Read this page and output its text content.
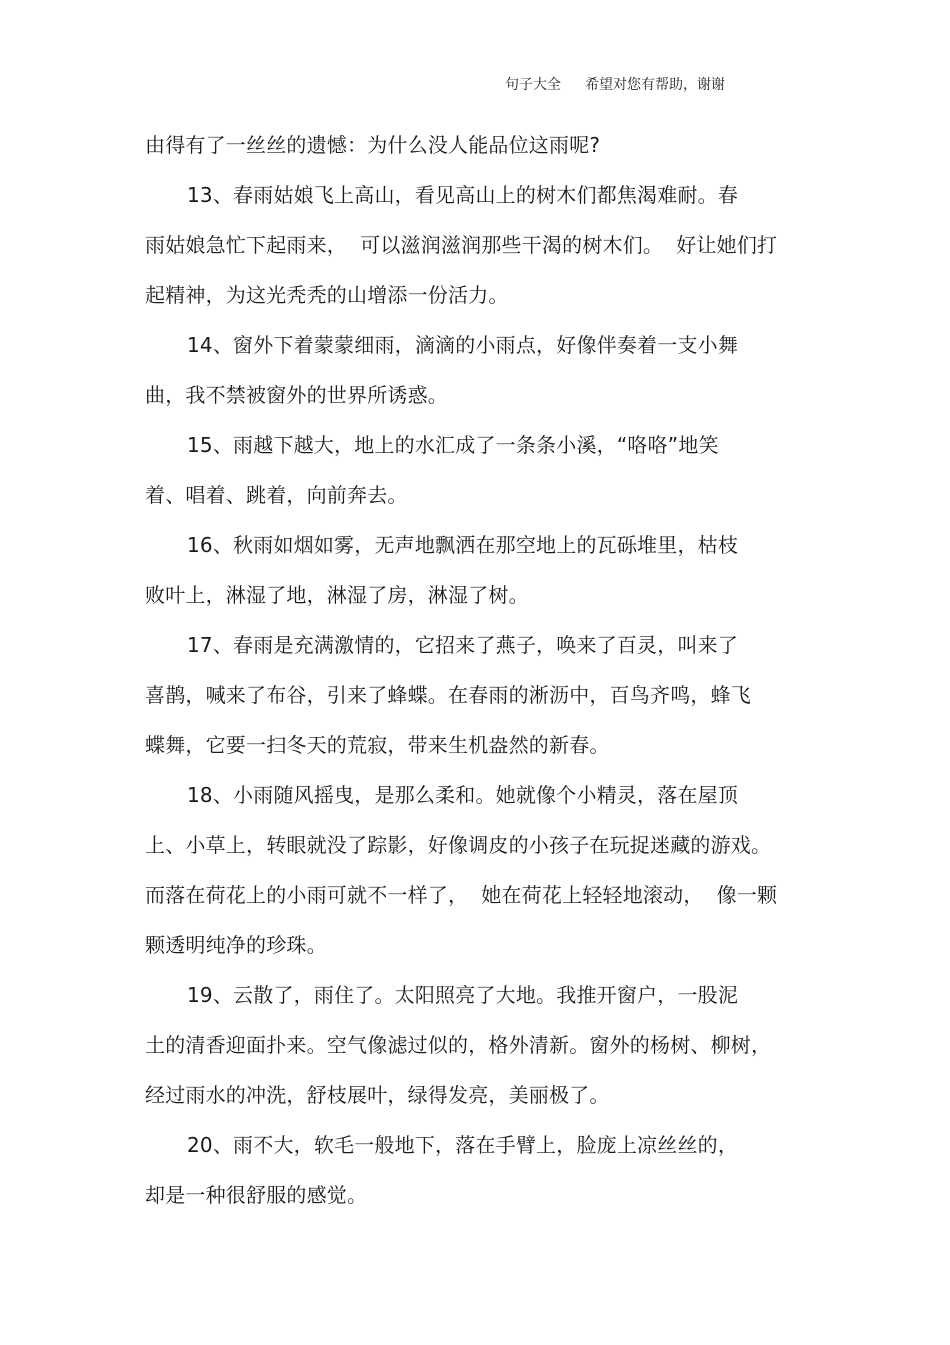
句子大全 希望对您有帮助，谢谢
由得有了一丝丝的遗憾：为什么没人能品位这雨呢?
13、春雨姑娘飞上高山，看见高山上的树木们都焦渴难耐。春
雨姑娘急忙下起雨来，  可以滋润滋润那些干渴的树木们。  好让她们打
起精神，为这光秃秃的山增添一份活力。
14、窗外下着蒙蒙细雨，滴滴的小雨点，好像伴奏着一支小舞
曲，我不禁被窗外的世界所诱惑。
15、雨越下越大，地上的水汇成了一条条小溪，“咯咯”地笑
着、唱着、跳着，向前奔去。
16、秋雨如烟如雾，无声地飘洒在那空地上的瓦砾堆里，枯枝
败叶上，淋湿了地，淋湿了房，淋湿了树。
17、春雨是充满激情的，它招来了燕子，唤来了百灵，叫来了
喜鹊，喊来了布谷，引来了蜂蝶。在春雨的淅沥中，百鸟齐鸣，蜂飞
蝶舞，它要一扫冬天的荒寂，带来生机盎然的新春。
18、小雨随风摇曳，是那么柔和。她就像个小精灵，落在屋顶
上、小草上，转眼就没了踪影，好像调皮的小孩子在玩捉迷藏的游戏。
而落在荷花上的小雨可就不一样了，  她在荷花上轻轻地滚动，  像一颗
颗透明纯净的珍珠。
19、云散了，雨住了。太阳照亮了大地。我推开窗户，一股泥
土的清香迎面扑来。空气像滤过似的，格外清新。窗外的杨树、柳树，
经过雨水的冲洗，舒枝展叶，绿得发亮，美丽极了。
20、雨不大，软毛一般地下，落在手臂上，脸庞上凉丝丝的，
却是一种很舒服的感觉。
